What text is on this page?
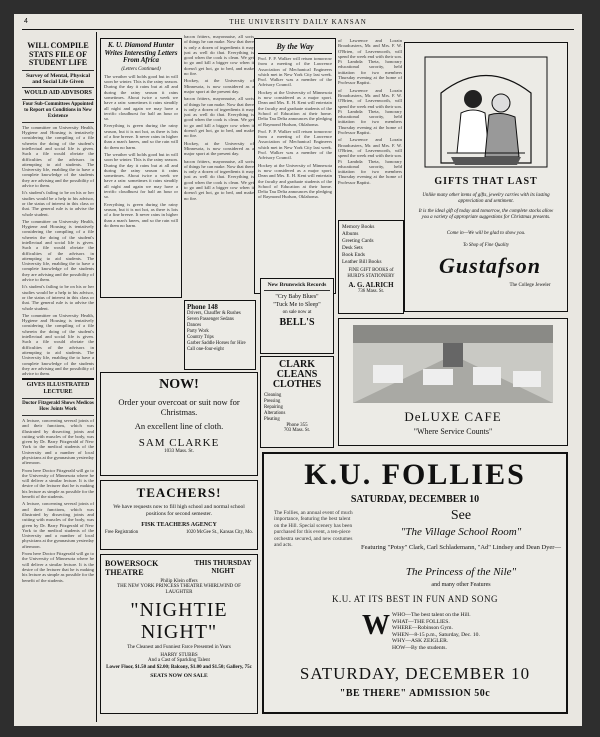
4	THE UNIVERSITY DAILY KANSAN
WILL COMPILE STATS FILE OF STUDENT LIFE
Survey of Mental, Physical and Social Life Given
WOULD AID ADVISORS
Four Sub-Committees Appointed to Report on Conditions in New Existence

The committee on University Health, Hygiene and Housing is tentatively considering the compiling of a file wherein the doing of the student's intellectual and social life is given. Such a file would obviate the difficulties of the advisors in attempting to aid students. The University life, enabling the to have a complete knowledge of the students they are advising and the possibility of advice to them.

It's student's failing to be on his or her studies would be a help to his advisor, or the status of interest in this class or that. The general rule is to advise the whole student.

The committee on University Health, Hygiene and Housing is tentatively considering the compiling of a file wherein the doing of the student's intellectual and social life is given. Such a file would obviate the difficulties of the advisors in attempting to aid students. The University life, enabling the to have a complete knowledge of the students they are advising and the possibility of advice to them.

It's student's failing to be on his or her studies would be a help to his advisor, or the status of interest in this class or that. The general rule is to advise the whole student.

The committee on University Health, Hygiene and Housing is tentatively considering the compiling of a file wherein the doing of the student's intellectual and social life is given. Such a file would obviate the difficulties of the advisors in attempting to aid students. The University life, enabling the to have a complete knowledge of the students they are advising and the possibility of advice to them.

GIVES ILLUSTRATED LECTURE
Doctor Fitzgerald Shows Medicos How Joints Work

A lecture, concerning several joints of and their functions, which was illustrated by dissecting joints and cutting with muscles of the body, was given by Dr. Barry Fitzgerald of New York to the medical students of the University and a number of local physicians at the gymnasium yesterday afternoon.

From here Doctor Fitzgerald will go to the University of Minnesota where he will deliver a similar lecture. It is the desire of the lecturer that he is making his lecture as simple as possible for the benefit of the students.

A lecture, concerning several joints of and their functions, which was illustrated by dissecting joints and cutting with muscles of the body, was given by Dr. Barry Fitzgerald of New York to the medical students of the University and a number of local physicians at the gymnasium yesterday afternoon.

From here Doctor Fitzgerald will go to the University of Minnesota where he will deliver a similar lecture. It is the desire of the lecturer that he is making his lecture as simple as possible for the benefit of the students.

K. U. Diamond Hunter Writes Interesting Letters From Africa
(Letters Continued)

The weather will holds good but in will soon be winter. This is the rainy season. During the day it rains but at all and during the rainy season it rains sometimes. About twice a week we have a rain: sometimes it rains steadily all night and again we may have a terrific cloudburst for half an hour or so.

Everything is green during the rainy season, but it is not hot, as there is lots of a fine breeze. It never rains in higher than a man's knees, and so the rain will do them no harm.

The weather will holds good but in will soon be winter. This is the rainy season. During the day it rains but at all and during the rainy season it rains sometimes. About twice a week we have a rain: sometimes it rains steadily all night and again we may have a terrific cloudburst for half an hour or so.

Everything is green during the rainy season, but it is not hot, as there is lots of a fine breeze. It never rains in higher than a man's knees, and so the rain will do them no harm.

bacon fritters, mayonnaise, all sorts of things he can make. Now that there is only a dozen of ingredients it may just as well do that. Everything is good when the cook is clean. We get to go and kill a bigger cow when it doesn't get hot, go to bed, and make no fire.

Hockey, at the University of Minnesota, is now considered as a major sport at the present day.

bacon fritters, mayonnaise, all sorts of things he can make. Now that there is only a dozen of ingredients it may just as well do that. Everything is good when the cook is clean. We get to go and kill a bigger cow when it doesn't get hot, go to bed, and make no fire.

Hockey, at the University of Minnesota, is now considered as a major sport at the present day.

bacon fritters, mayonnaise, all sorts of things he can make. Now that there is only a dozen of ingredients it may just as well do that. Everything is good when the cook is clean. We get to go and kill a bigger cow when it doesn't get hot, go to bed, and make no fire.

By the Way

Prof. F. P. Walker will return tomorrow from a meeting of the Lawrence Association of Mechanical Engineers which met in New York City last week. Prof. Walker was a member of the Advisory Council.

Hockey at the University of Minnesota is now considered as a major sport. Dean and Mrs. E. H. Kent will entertain the faculty and graduate students of the School of Education at their home. Delta Tau Delta announces the pledging of Raymond Hudson, Oklahoma.

Prof. F. P. Walker will return tomorrow from a meeting of the Lawrence Association of Mechanical Engineers which met in New York City last week. Prof. Walker was a member of the Advisory Council.

Hockey at the University of Minnesota is now considered as a major sport. Dean and Mrs. E. H. Kent will entertain the faculty and graduate students of the School of Education at their home. Delta Tau Delta announces the pledging of Raymond Hudson, Oklahoma.

of Lawrence and Lorain Broadcasters, Mr. and Mrs. F. W. O'Brien, of Leavenworth, will spend the week end with their son. Pi Lambda Theta, honorary educational sorority, held initiation for two members Thursday evening at the home of Professor Baptist.

of Lawrence and Lorain Broadcasters, Mr. and Mrs. F. W. O'Brien, of Leavenworth, will spend the week end with their son. Pi Lambda Theta, honorary educational sorority, held initiation for two members Thursday evening at the home of Professor Baptist.

of Lawrence and Lorain Broadcasters, Mr. and Mrs. F. W. O'Brien, of Leavenworth, will spend the week end with their son. Pi Lambda Theta, honorary educational sorority, held initiation for two members Thursday evening at the home of Professor Baptist.	GIFTS THAT LAST
Unlike many other items of gifts, jewelry carries with its lasting appreciation and sentiment.
It is the ideal gift of today and tomorrow, the complete stocks allow you a variety of appropriate suggestions for Christmas presents.
Come in—We will be glad to show you.
To Shop of Fine Quality
Gustafson
The College Jeweler
Memory Books
Albums
Greeting Cards
Desk Sets
Book Ends
Leather Bill Books
FINE GIFT BOOKS of HURD'S STATIONERY
A. G. ALRICH
736 Mass. St.
Phone 148
Drivers, Chauffer & Rushes
Seven Passenger Sedans
Dances
Party Work
Country Trips
Garber Saddle Horses for Hire
Call one-four-eight
New Brunswick Records
"Cry Baby Blues"
"Tuck Me to Sleep"
on sale now at
BELL'S
CLARK CLEANS CLOTHES
Cleaning
Pressing
Repairing
Alterations
Pleating
Phone 355
703 Mass. St.
DeLUXE CAFE
"Where Service Counts"
NOW!
Order your overcoat or suit now for Christmas.
An excellent line of cloth.
SAM CLARKE
1033 Mass. St.
TEACHERS!
We have requests now to fill high school and normal school positions for second semester.
FISK TEACHERS AGENCY
Free Registration	1020 McGee St., Kansas City, Mo.
BOWERSOCK THEATRE
THIS THURSDAY NIGHT
Philip Klein offers
THE NEW YORK PRINCESS THEATRE WHIRLWIND OF LAUGHTER
"NIGHTIE NIGHT"
The Cleanest and Funniest Farce Presented in Years
HARRY STUBBS
And a Cast of Sparkling Talent
Lower Floor, $1.50 and $2.00; Balcony, $1.00 and $1.50; Gallery, 75c
SEATS NOW ON SALE
K.U. FOLLIES
SATURDAY, DECEMBER 10
The Follies, an annual event of much importance, featuring the best talent on the Hill. Special scenery has been purchased for this event, a ten-piece orchestra secured, and new costumes and acts.
See
"The Village School Room"
Featuring "Potsy" Clark, Carl Schlademann, "Ad" Lindsey and Dean Dyer—
The Princess of the Nile"
and many other Features
K.U. AT ITS BEST IN FUN AND SONG
W WHO—The best talent on the Hill.
WHAT—THE FOLLIES.
WHERE—Robinson Gym.
WHEN—8-15 p.m., Saturday, Dec. 10.
WHY—ASK ZEIGLER.
HOW—By the students.
SATURDAY, DECEMBER 10
"BE THERE" ADMISSION 50c
